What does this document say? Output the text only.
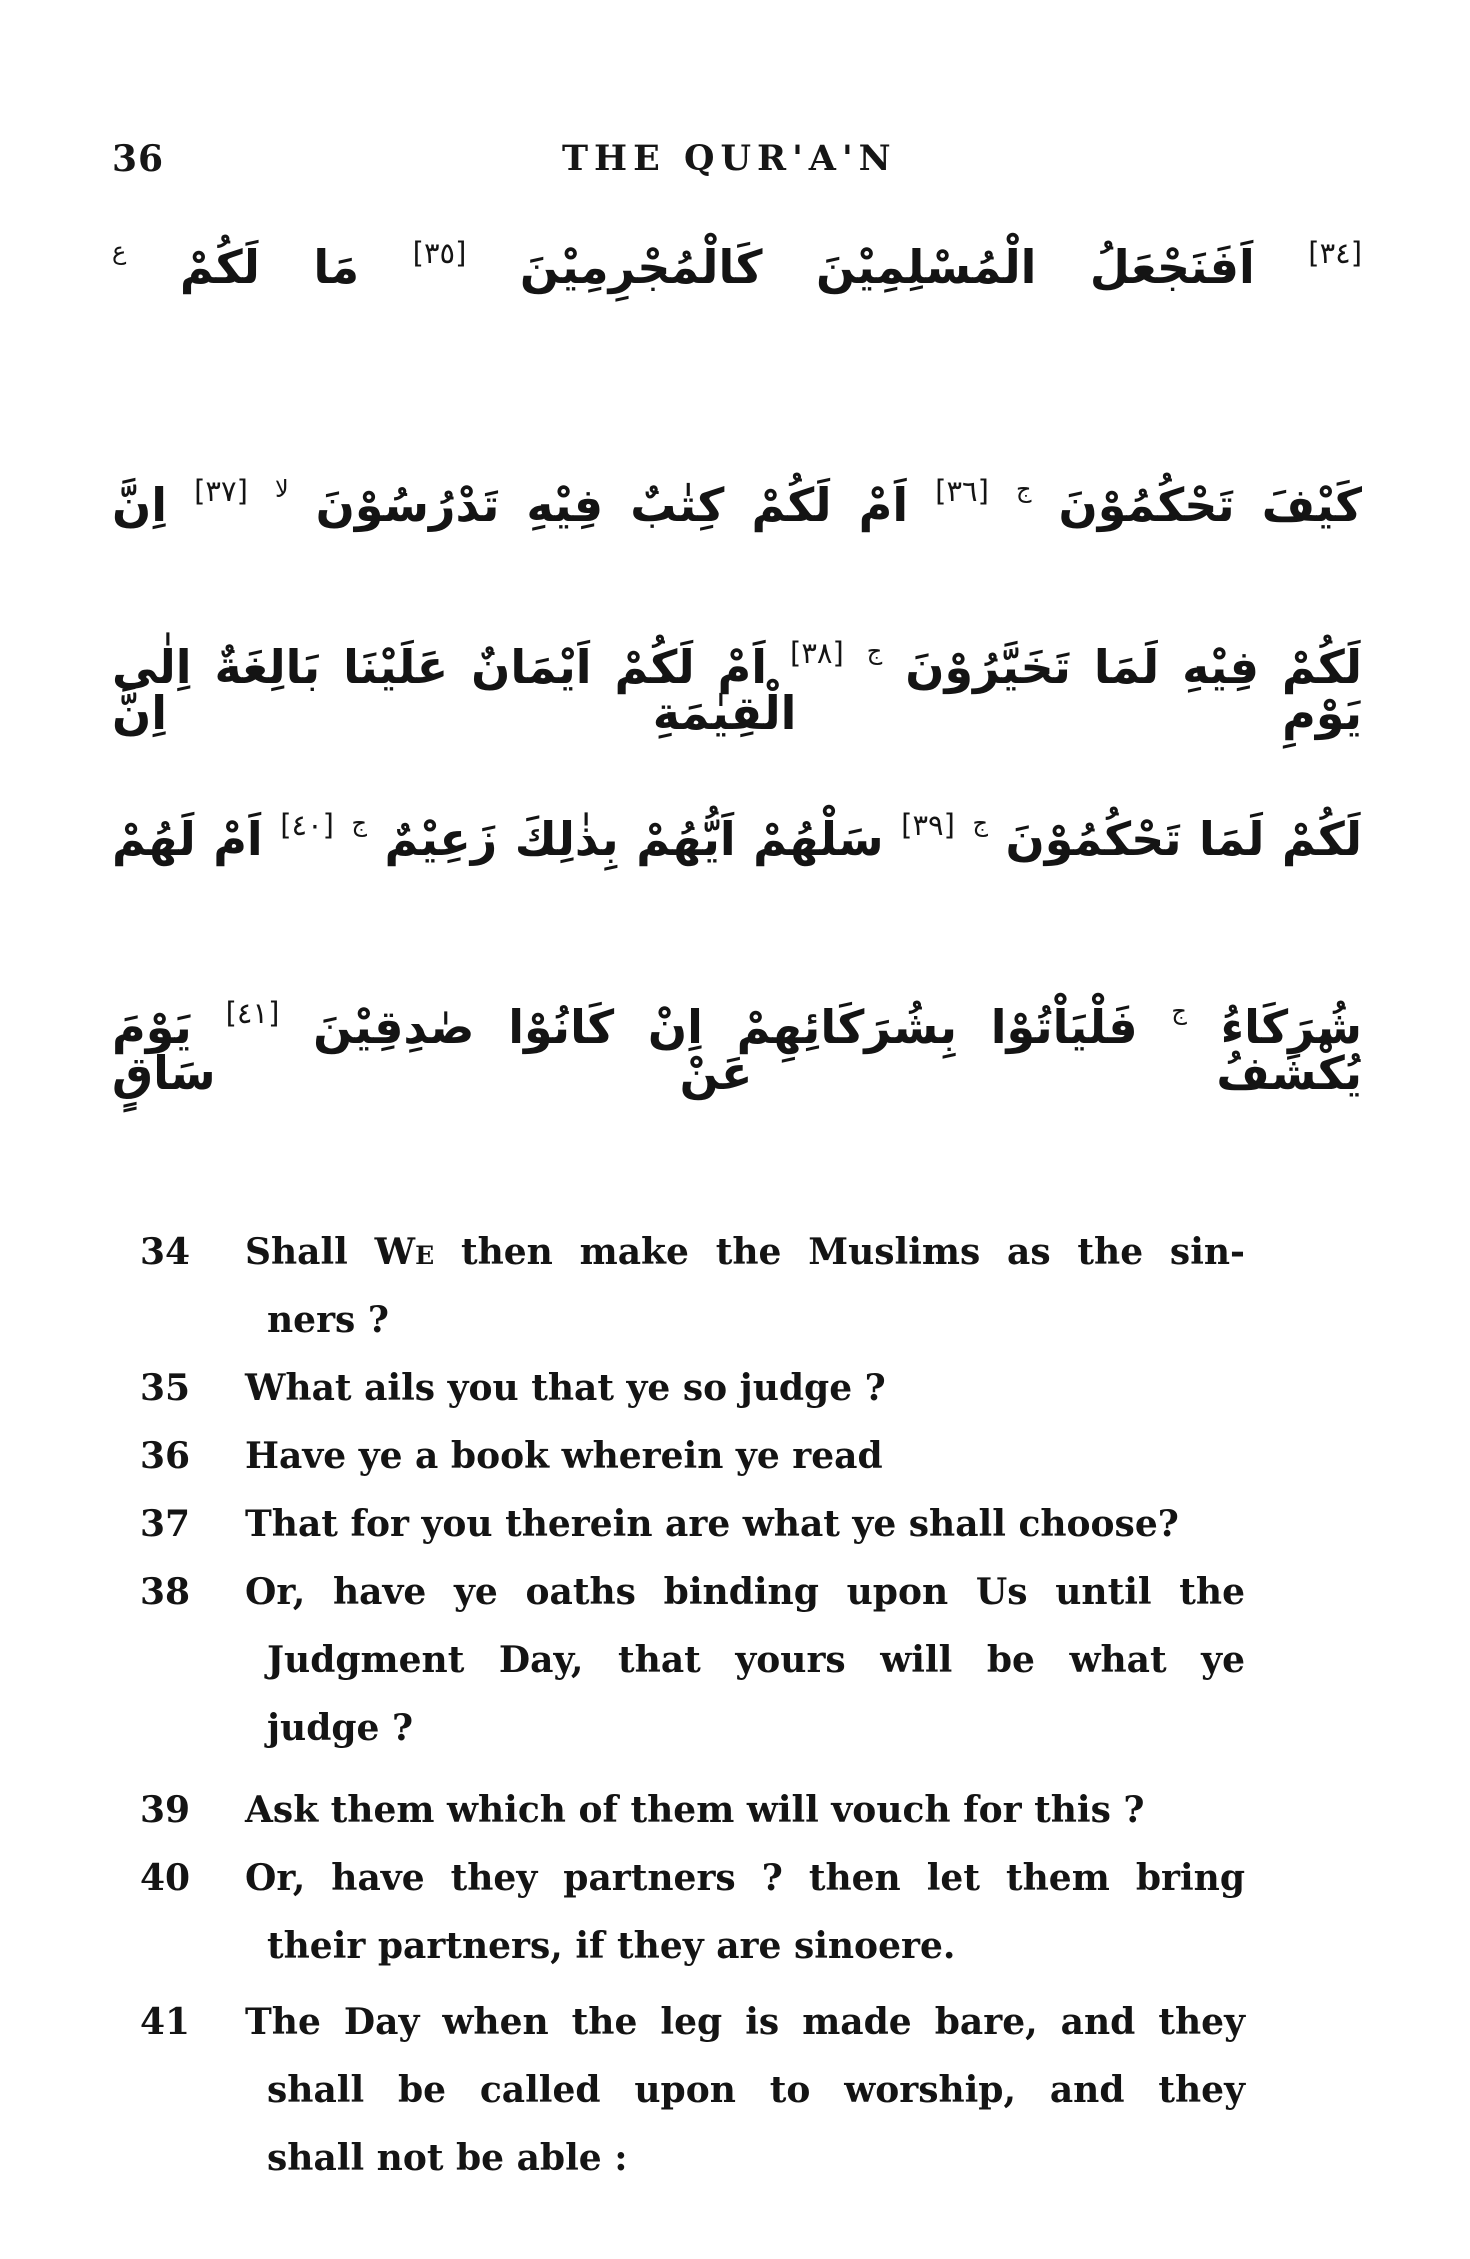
36	THE QUR'A'N
[٣٤] اَفَنَجْعَلُ الْمُسْلِمِيْنَ كَالْمُجْرِمِيْنَ [٣٥] مَا لَكُمْ $^ع$
كَيْفَ تَحْكُمُوْنَ $^ج$ [٣٦] اَمْ لَكُمْ كِتٰبٌ فِيْهِ تَدْرُسُوْنَ $^{لا}$ [٣٧] اِنَّ
لَكُمْ فِيْهِ لَمَا تَخَيَّرُوْنَ $^ج$ [٣٨] اَمْ لَكُمْ اَيْمَانٌ عَلَيْنَا بَالِغَةٌ اِلٰى يَوْمِ الْقِيٰمَةِ اِنَّ
لَكُمْ لَمَا تَحْكُمُوْنَ $^ج$ [٣٩] سَلْهُمْ اَيُّهُمْ بِذٰلِكَ زَعِيْمٌ $^ج$ [٤٠] اَمْ لَهُمْ
شُرَكَاءُ $^ج$ فَلْيَاْتُوْا بِشُرَكَائِهِمْ اِنْ كَانُوْا صٰدِقِيْنَ [٤١] يَوْمَ يُكْشَفُ عَنْ سَاقٍ
34	Shall We then make the Muslims as the sin-
ners ?
35	What ails you that ye so judge ?
36	Have ye a book wherein ye read
37	That for you therein are what ye shall choose?
38	Or, have ye oaths binding upon Us until the
Judgment Day, that yours will be what ye
judge ?
39	Ask them which of them will vouch for this ?
40	Or, have they partners ? then let them bring
their partners, if they are sinoere.
41	The Day when the leg is made bare, and they
shall be called upon to worship, and they
shall not be able :
